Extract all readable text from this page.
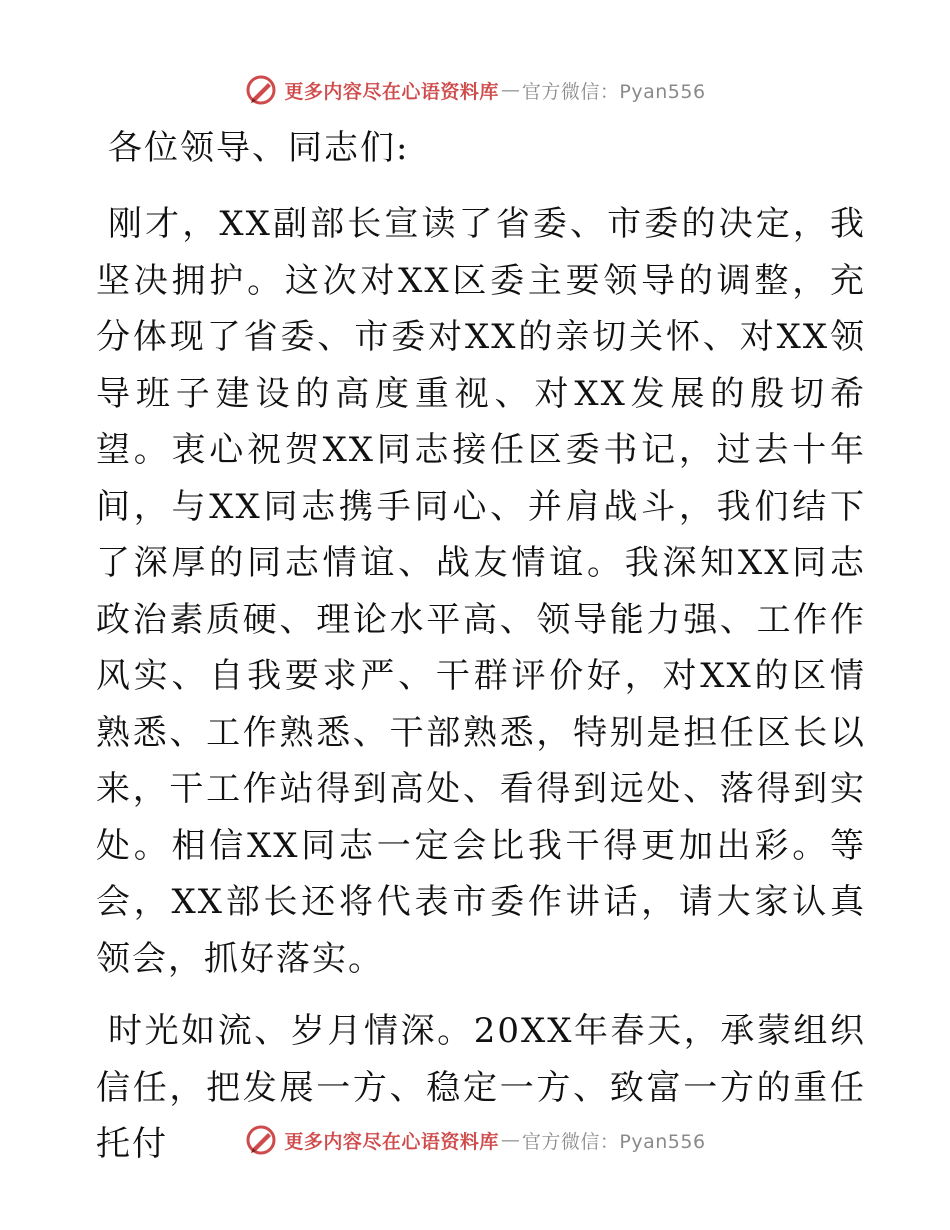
更多内容尽在心语资料库 — 官方微信：Pyan556

各位领导、同志们:

刚才，XX副部长宣读了省委、市委的决定，我坚决拥护。这次对XX区委主要领导的调整，充分体现了省委、市委对XX的亲切关怀、对XX领导班子建设的高度重视、对XX发展的殷切希望。衷心祝贺XX同志接任区委书记，过去十年间，与XX同志携手同心、并肩战斗，我们结下了深厚的同志情谊、战友情谊。我深知XX同志政治素质硬、理论水平高、领导能力强、工作作风实、自我要求严、干群评价好，对XX的区情熟悉、工作熟悉、干部熟悉，特别是担任区长以来，干工作站得到高处、看得到远处、落得到实处。相信XX同志一定会比我干得更加出彩。等会，XX部长还将代表市委作讲话，请大家认真领会，抓好落实。

时光如流、岁月情深。20XX年春天，承蒙组织信任，把发展一方、稳定一方、致富一方的重任托付	更多内容尽在心语资料库 — 官方微信：Pyan556
